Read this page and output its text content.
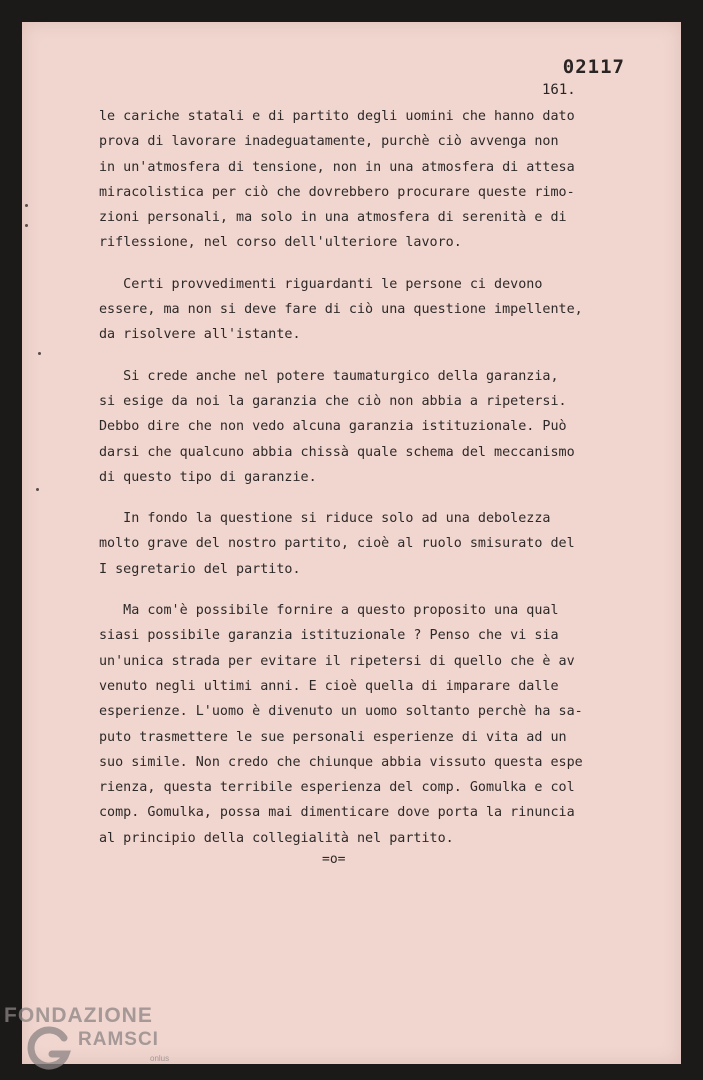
02117
161.
le cariche statali e di partito degli uomini che hanno dato
prova di lavorare inadeguatamente, purchè ciò avvenga non
in un'atmosfera di tensione, non in una atmosfera di attesa
miracolistica per ciò che dovrebbero procurare queste rimo-
zioni personali, ma solo in una atmosfera di serenità e di
riflessione, nel corso dell'ulteriore lavoro.
Certi provvedimenti riguardanti le persone ci devono
essere, ma non si deve fare di ciò una questione impellente,
da risolvere all'istante.
Si crede anche nel potere taumaturgico della garanzia,
si esige da noi la garanzia che ciò non abbia a ripetersi.
Debbo dire che non vedo alcuna garanzia istituzionale. Può
darsi che qualcuno abbia chissà quale schema del meccanismo
di questo tipo di garanzie.
In fondo la questione si riduce solo ad una debolezza
molto grave del nostro partito, cioè al ruolo smisurato del
I segretario del partito.
Ma com'è possibile fornire a questo proposito una qual
siasi possibile garanzia istituzionale ? Penso che vi sia
un'unica strada per evitare il ripetersi di quello che è av
venuto negli ultimi anni. E cioè quella di imparare dalle
esperienze. L'uomo è divenuto un uomo soltanto perchè ha sa-
puto trasmettere le sue personali esperienze di vita ad un
suo simile. Non credo che chiunque abbia vissuto questa espe
rienza, questa terribile esperienza del comp. Gomulka e col
comp. Gomulka, possa mai dimenticare dove porta la rinuncia
al principio della collegialità nel partito.
=o=
FONDAZIONE
RAMSCI
onlus
